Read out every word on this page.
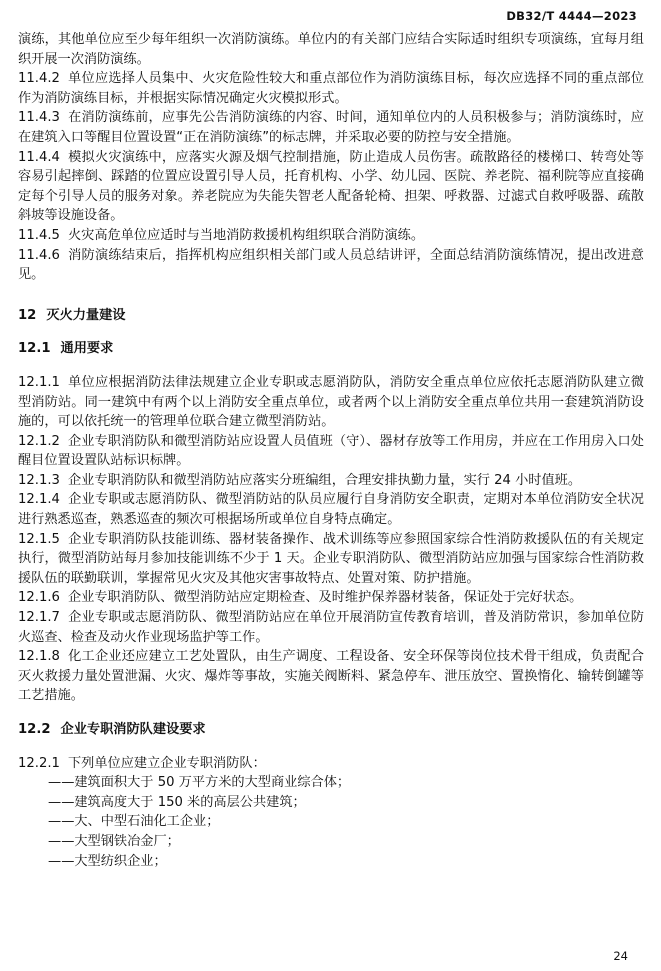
DB32/T 4444—2023

演练，其他单位应至少每年组织一次消防演练。单位内的有关部门应结合实际适时组织专项演练，宜每月组织开展一次消防演练。

11.4.2 单位应选择人员集中、火灾危险性较大和重点部位作为消防演练目标，每次应选择不同的重点部位作为消防演练目标，并根据实际情况确定火灾模拟形式。

11.4.3 在消防演练前，应事先公告消防演练的内容、时间，通知单位内的人员积极参与；消防演练时，应在建筑入口等醒目位置设置“正在消防演练”的标志牌，并采取必要的防控与安全措施。

11.4.4 模拟火灾演练中，应落实火源及烟气控制措施，防止造成人员伤害。疏散路径的楼梯口、转弯处等容易引起摔倒、踩踏的位置应设置引导人员，托育机构、小学、幼儿园、医院、养老院、福利院等应直接确定每个引导人员的服务对象。养老院应为失能失智老人配备轮椅、担架、呼救器、过滤式自救呼吸器、疏散斜坡等设施设备。

11.4.5 火灾高危单位应适时与当地消防救援机构组织联合消防演练。

11.4.6 消防演练结束后，指挥机构应组织相关部门或人员总结讲评，全面总结消防演练情况，提出改进意见。

12 灭火力量建设
12.1 通用要求

12.1.1 单位应根据消防法律法规建立企业专职或志愿消防队，消防安全重点单位应依托志愿消防队建立微型消防站。同一建筑中有两个以上消防安全重点单位，或者两个以上消防安全重点单位共用一套建筑消防设施的，可以依托统一的管理单位联合建立微型消防站。

12.1.2 企业专职消防队和微型消防站应设置人员值班（守）、器材存放等工作用房，并应在工作用房入口处醒目位置设置队站标识标牌。

12.1.3 企业专职消防队和微型消防站应落实分班编组，合理安排执勤力量，实行 24 小时值班。

12.1.4 企业专职或志愿消防队、微型消防站的队员应履行自身消防安全职责，定期对本单位消防安全状况进行熟悉巡查，熟悉巡查的频次可根据场所或单位自身特点确定。

12.1.5 企业专职消防队技能训练、器材装备操作、战术训练等应参照国家综合性消防救援队伍的有关规定执行，微型消防站每月参加技能训练不少于 1 天。企业专职消防队、微型消防站应加强与国家综合性消防救援队伍的联勤联训，掌握常见火灾及其他灾害事故特点、处置对策、防护措施。

12.1.6 企业专职消防队、微型消防站应定期检查、及时维护保养器材装备，保证处于完好状态。

12.1.7 企业专职或志愿消防队、微型消防站应在单位开展消防宣传教育培训，普及消防常识，参加单位防火巡查、检查及动火作业现场监护等工作。

12.1.8 化工企业还应建立工艺处置队，由生产调度、工程设备、安全环保等岗位技术骨干组成，负责配合灭火救援力量处置泄漏、火灾、爆炸等事故，实施关阀断料、紧急停车、泄压放空、置换惰化、输转倒罐等工艺措施。

12.2 企业专职消防队建设要求

12.2.1 下列单位应建立企业专职消防队：

——建筑面积大于 50 万平方米的大型商业综合体；
——建筑高度大于 150 米的高层公共建筑；
——大、中型石油化工企业；
——大型钢铁冶金厂；
——大型纺织企业；
24
